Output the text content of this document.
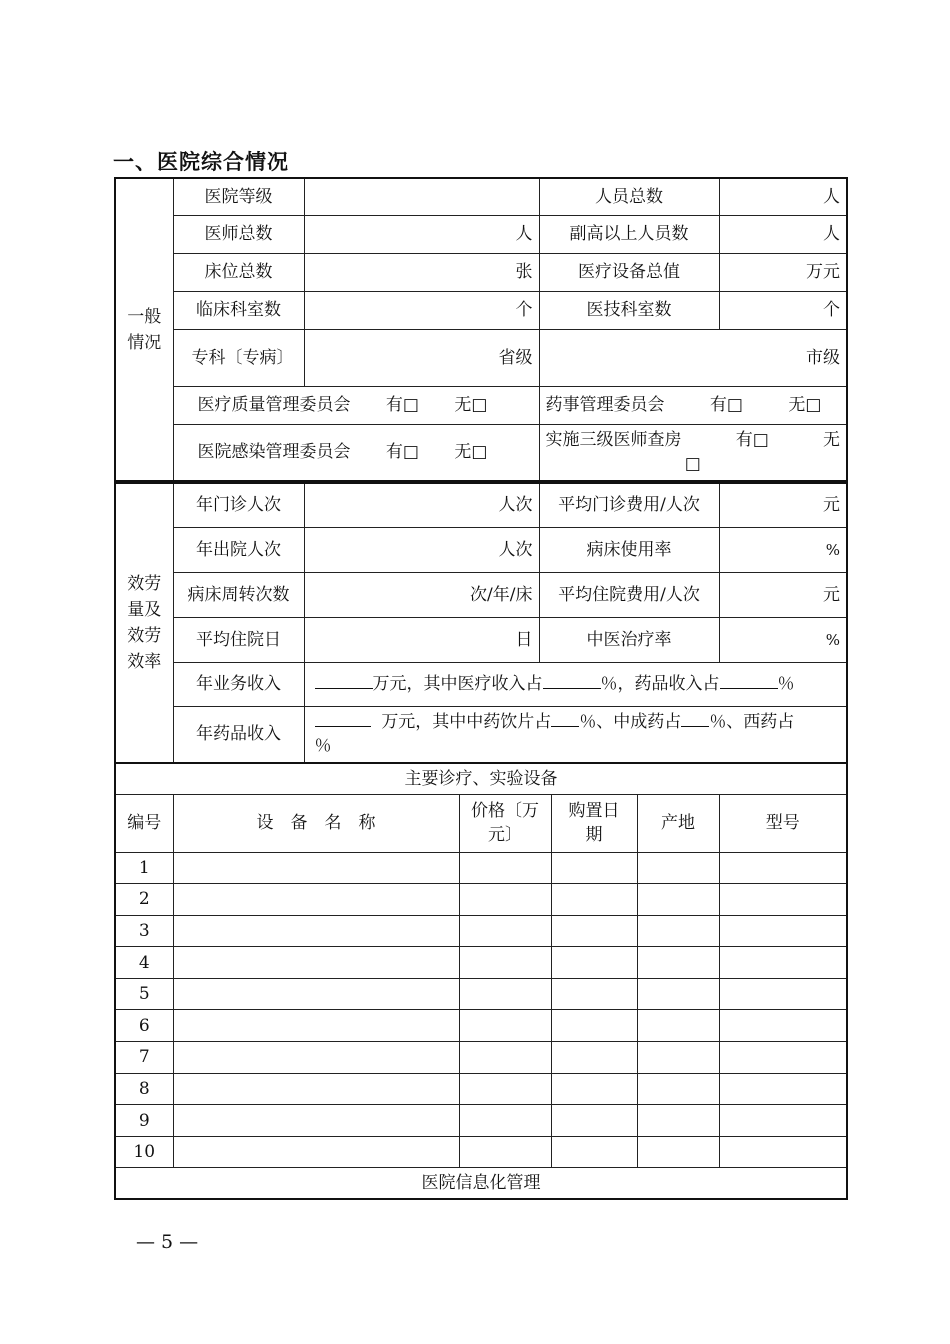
一、医院综合情况
一般
情况	医院等级		人员总数	人
	医师总数	人	副高以上人员数	人
	床位总数	张	医疗设备总值	万元
	临床科室数	个	医技科室数	个
	专科〔专病〕	省级	市级	
	医疗质量管理委员会 有□ 无□		药事管理委员会 有□ 无□	
	医院感染管理委员会 有□ 无□		实施三级医师查房 有□ 无
□	
效劳
量及
效劳
效率	年门诊人次	人次	平均门诊费用/人次	元
	年出院人次	人次	病床使用率	%
	病床周转次数	次/年/床	平均住院费用/人次	元
	平均住院日	日	中医治疗率	%
	年业务收入	万元，其中医疗收入占 ％，药品收入占 ％		
	年药品收入	万元，其中中药饮片占 ％、中成药占 ％、西药占
％		
主要诊疗、实验设备					
编号	设　备　名　称	价格〔万元〕	购置日期	产地	型号
1					
2					
3					
4					
5					
6					
7					
8					
9					
10					
医院信息化管理					
— 5 —
